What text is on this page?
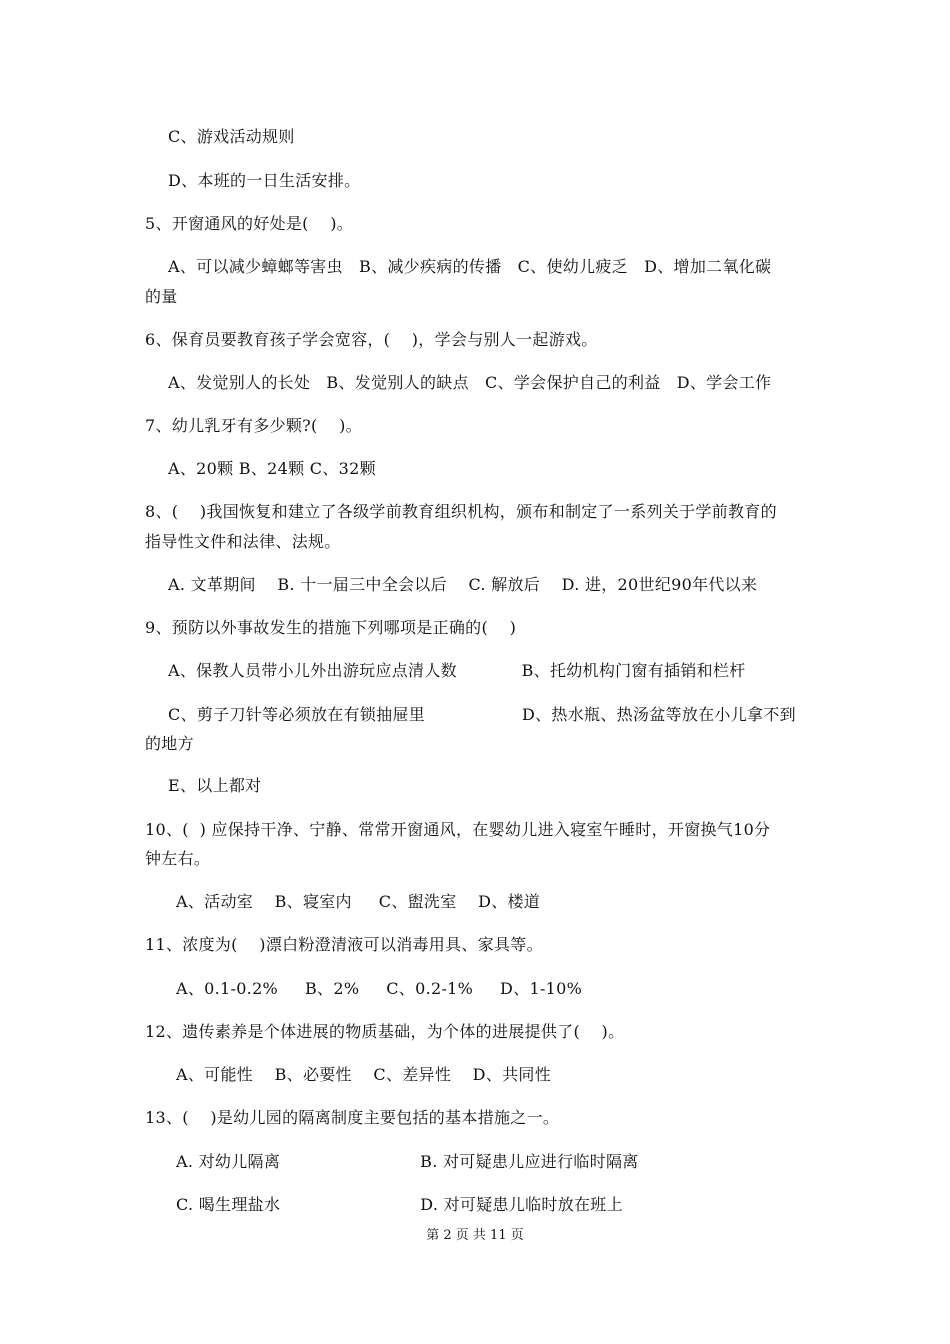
C、游戏活动规则
D、本班的一日生活安排。
5、开窗通风的好处是(    )。
A、可以减少蟑螂等害虫   B、减少疾病的传播   C、使幼儿疲乏   D、增加二氧化碳
的量
6、保育员要教育孩子学会宽容，(    )，学会与别人一起游戏。
A、发觉别人的长处   B、发觉别人的缺点   C、学会保护自己的利益   D、学会工作
7、幼儿乳牙有多少颗?(    )。
A、20颗 B、24颗 C、32颗
8、(    )我国恢复和建立了各级学前教育组织机构，颁布和制定了一系列关于学前教育的
指导性文件和法律、法规。
A. 文革期间    B. 十一届三中全会以后    C. 解放后    D. 进，20世纪90年代以来
9、预防以外事故发生的措施下列哪项是正确的(    )
A、保教人员带小儿外出游玩应点清人数            B、托幼机构门窗有插销和栏杆
C、剪子刀针等必须放在有锁抽屉里                  D、热水瓶、热汤盆等放在小儿拿不到
的地方
E、以上都对
10、(  ) 应保持干净、宁静、常常开窗通风，在婴幼儿进入寝室午睡时，开窗换气10分
钟左右。
A、活动室    B、寝室内     C、盥洗室    D、楼道
11、浓度为(    )漂白粉澄清液可以消毒用具、家具等。
A、0.1-0.2%     B、2%     C、0.2-1%     D、1-10%
12、遗传素养是个体进展的物质基础，为个体的进展提供了(    )。
A、可能性    B、必要性    C、差异性    D、共同性
13、(    )是幼儿园的隔离制度主要包括的基本措施之一。
A. 对幼儿隔离                          B. 对可疑患儿应进行临时隔离
C. 喝生理盐水                          D. 对可疑患儿临时放在班上
第 2 页 共 11 页
